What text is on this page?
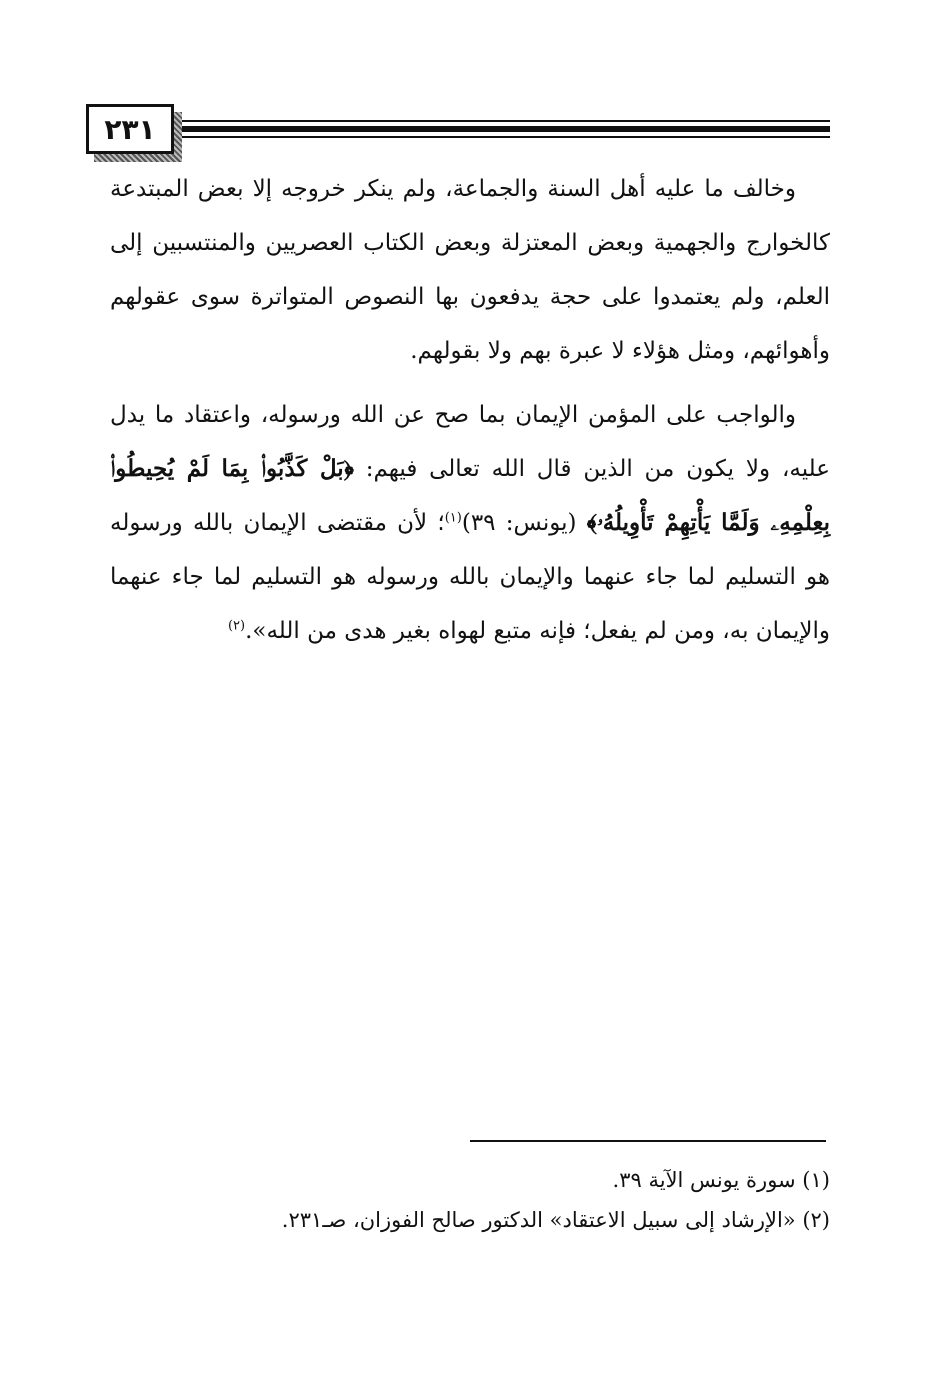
٢٣١

وخالف ما عليه أهل السنة والجماعة، ولم ينكر خروجه إلا بعض المبتدعة كالخوارج والجهمية وبعض المعتزلة وبعض الكتاب العصريين والمنتسبين إلى العلم، ولم يعتمدوا على حجة يدفعون بها النصوص المتواترة سوى عقولهم وأهوائهم، ومثل هؤلاء لا عبرة بهم ولا بقولهم.

والواجب على المؤمن الإيمان بما صح عن الله ورسوله، واعتقاد ما يدل عليه، ولا يكون من الذين قال الله تعالى فيهم: ﴿بَلْ كَذَّبُوا۟ بِمَا لَمْ يُحِيطُوا۟ بِعِلْمِهِۦ وَلَمَّا يَأْتِهِمْ تَأْوِيلُهُۥ﴾ (يونس: ٣٩)$^{(١)}$؛ لأن مقتضى الإيمان بالله ورسوله هو التسليم لما جاء عنهما والإيمان بالله ورسوله هو التسليم لما جاء عنهما والإيمان به، ومن لم يفعل؛ فإنه متبع لهواه بغير هدى من الله».$^{(٢)}$

(١) سورة يونس الآية ٣٩.

(٢) «الإرشاد إلى سبيل الاعتقاد» الدكتور صالح الفوزان، صـ٢٣١.
